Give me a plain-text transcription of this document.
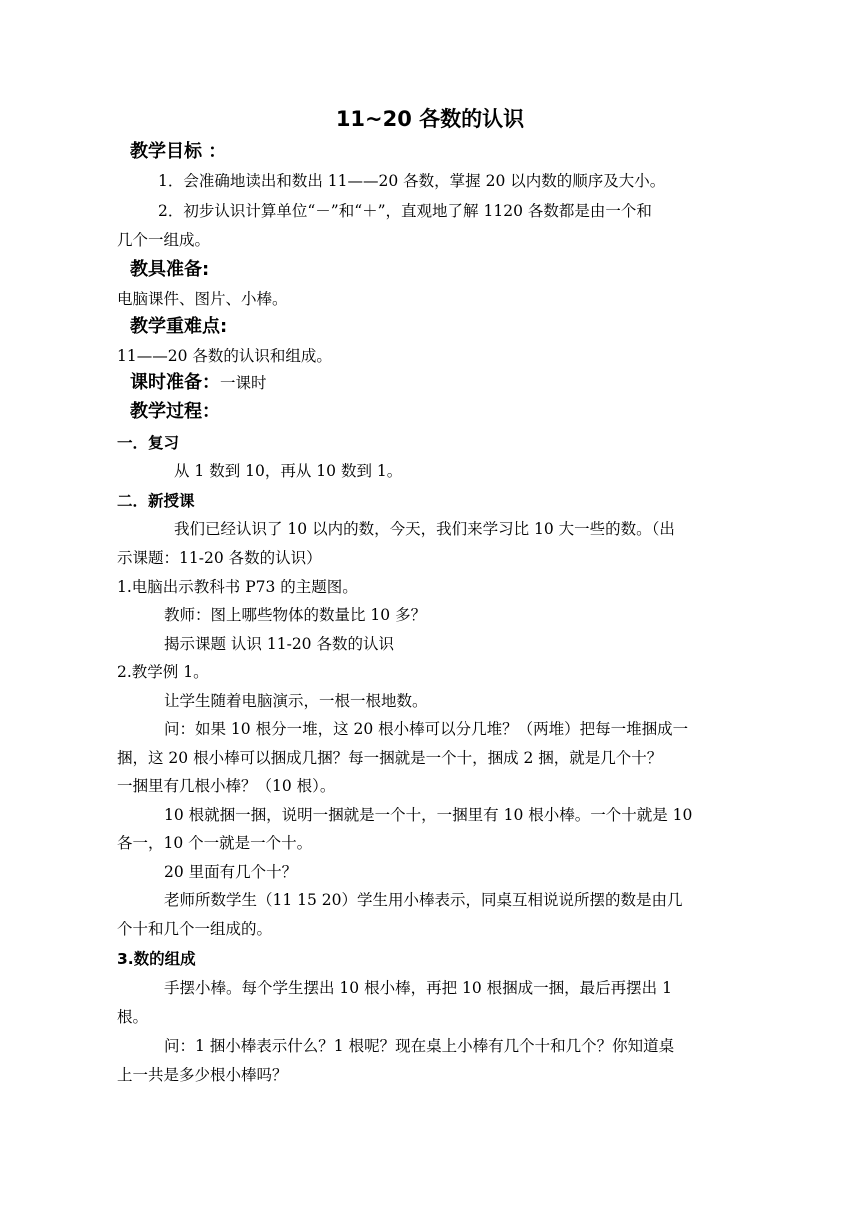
11~20 各数的认识
教学目标 ：
1．会准确地读出和数出 11——20 各数，掌握 20 以内数的顺序及大小。
2．初步认识计算单位“－”和“＋”，直观地了解 1120 各数都是由一个和
几个一组成。
教具准备:
电脑课件、图片、小棒。
教学重难点:
11——20 各数的认识和组成。
课时准备：一课时
教学过程：
一．复习
从 1 数到 10，再从 10 数到 1。
二．新授课
我们已经认识了 10 以内的数，今天，我们来学习比 10 大一些的数。（出
示课题：11-20 各数的认识）
1.电脑出示教科书 P73 的主题图。
教师：图上哪些物体的数量比 10 多？
揭示课题 认识 11-20 各数的认识
2.教学例 1。
让学生随着电脑演示，一根一根地数。
问：如果 10 根分一堆，这 20 根小棒可以分几堆？（两堆）把每一堆捆成一
捆，这 20 根小棒可以捆成几捆？每一捆就是一个十，捆成 2 捆，就是几个十？
一捆里有几根小棒？（10 根）。
10 根就捆一捆，说明一捆就是一个十，一捆里有 10 根小棒。一个十就是 10
各一，10 个一就是一个十。
20 里面有几个十？
老师所数学生（11 15 20）学生用小棒表示，同桌互相说说所摆的数是由几
个十和几个一组成的。
3.数的组成
手摆小棒。每个学生摆出 10 根小棒，再把 10 根捆成一捆，最后再摆出 1
根。
问：1 捆小棒表示什么？1 根呢？现在桌上小棒有几个十和几个？你知道桌
上一共是多少根小棒吗？
